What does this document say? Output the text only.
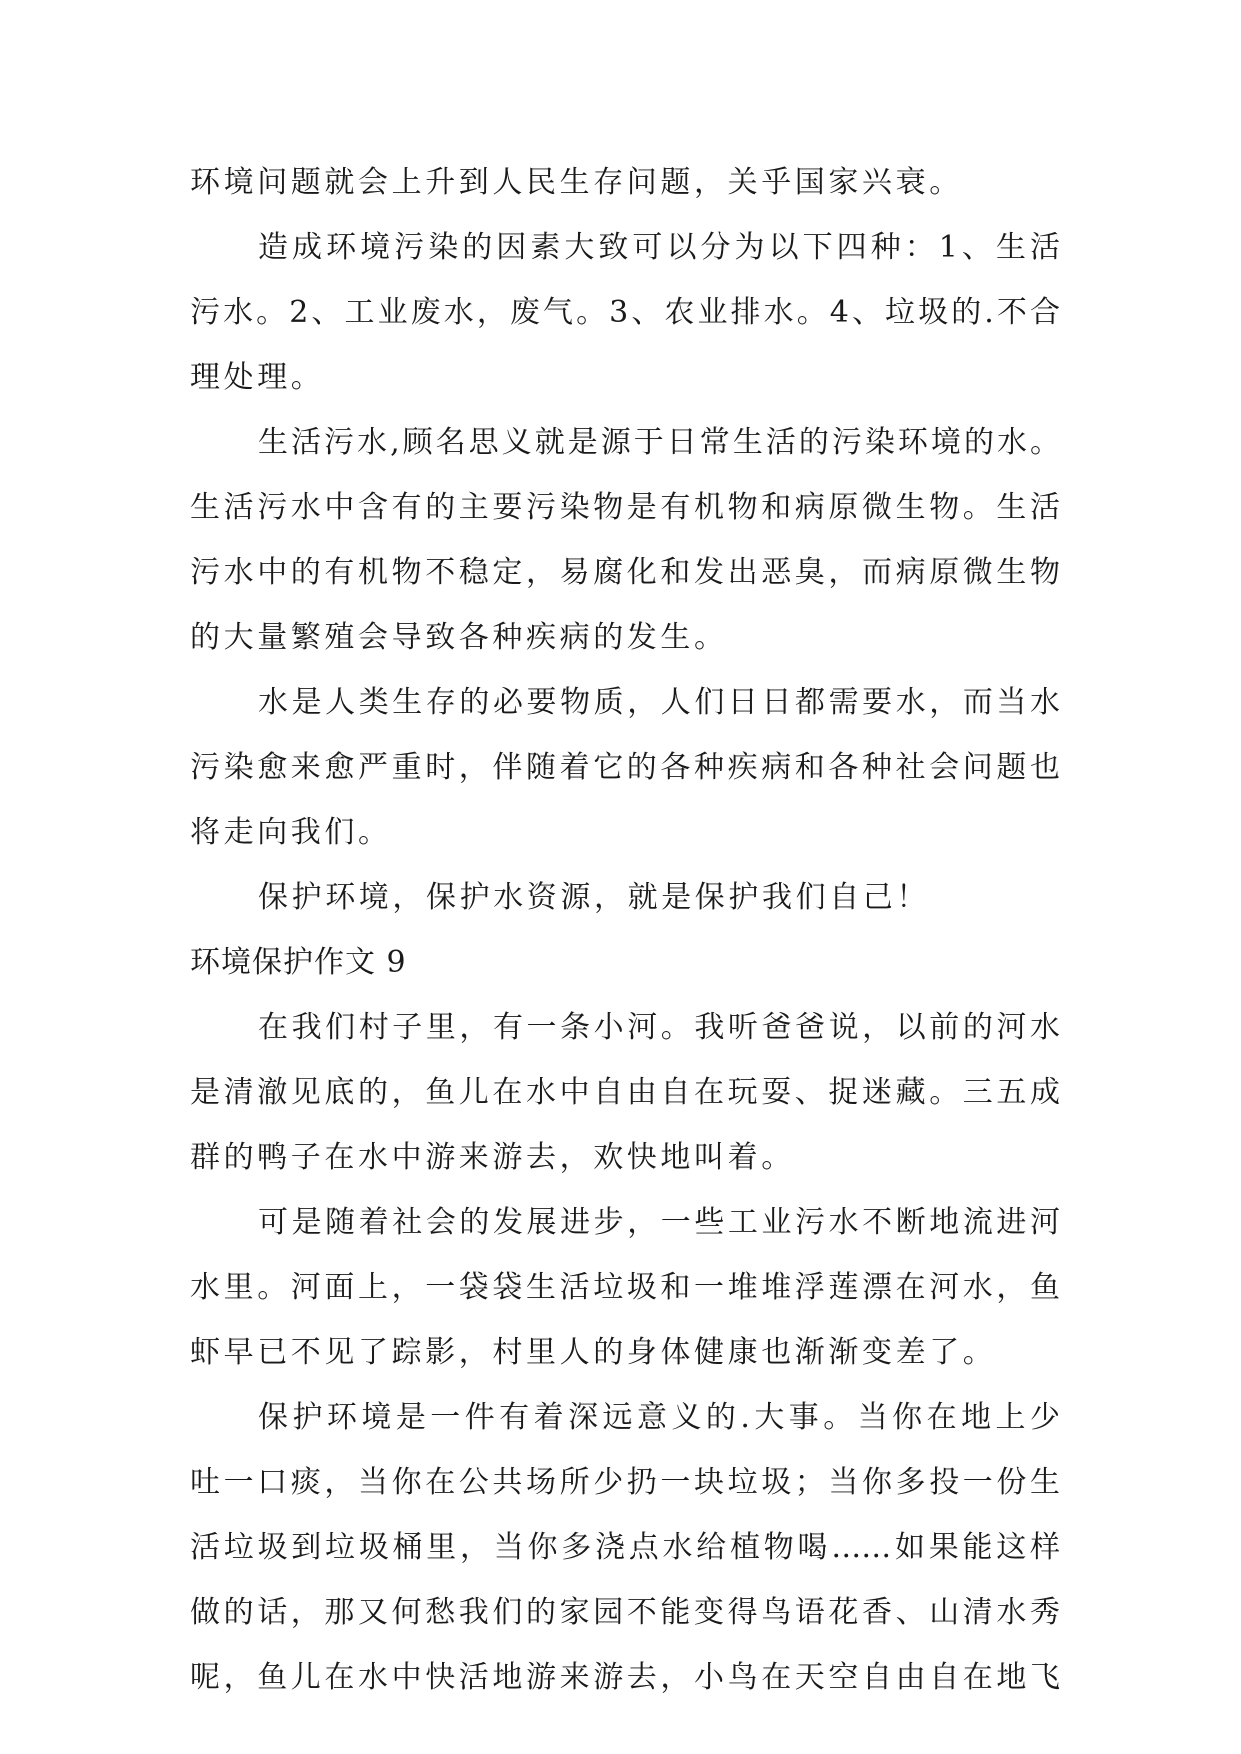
环境问题就会上升到人民生存问题，关乎国家兴衰。
造成环境污染的因素大致可以分为以下四种：1、生活
污水。2、工业废水，废气。3、农业排水。4、垃圾的.不合
理处理。
生活污水,顾名思义就是源于日常生活的污染环境的水。
生活污水中含有的主要污染物是有机物和病原微生物。生活
污水中的有机物不稳定，易腐化和发出恶臭，而病原微生物
的大量繁殖会导致各种疾病的发生。
水是人类生存的必要物质，人们日日都需要水，而当水
污染愈来愈严重时，伴随着它的各种疾病和各种社会问题也
将走向我们。
保护环境，保护水资源，就是保护我们自己！
环境保护作文 9
在我们村子里，有一条小河。我听爸爸说，以前的河水
是清澈见底的，鱼儿在水中自由自在玩耍、捉迷藏。三五成
群的鸭子在水中游来游去，欢快地叫着。
可是随着社会的发展进步，一些工业污水不断地流进河
水里。河面上，一袋袋生活垃圾和一堆堆浮莲漂在河水，鱼
虾早已不见了踪影，村里人的身体健康也渐渐变差了。
保护环境是一件有着深远意义的.大事。当你在地上少
吐一口痰，当你在公共场所少扔一块垃圾；当你多投一份生
活垃圾到垃圾桶里，当你多浇点水给植物喝……如果能这样
做的话，那又何愁我们的家园不能变得鸟语花香、山清水秀
呢，鱼儿在水中快活地游来游去，小鸟在天空自由自在地飞
